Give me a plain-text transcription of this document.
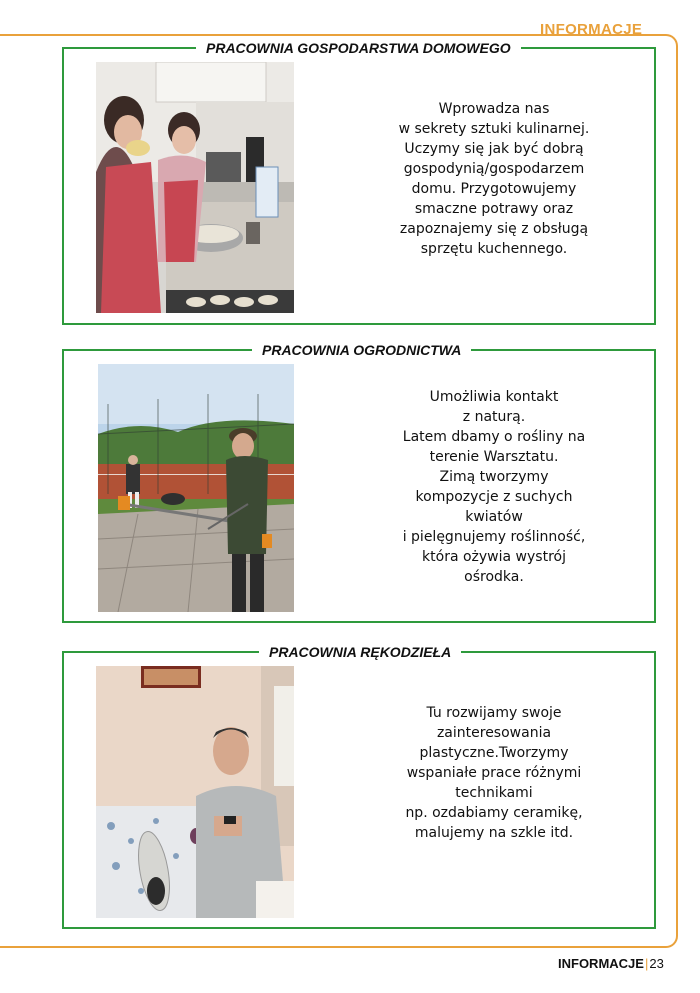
INFORMACJE
PRACOWNIA GOSPODARSTWA DOMOWEGO
Wprowadza nas
w sekrety sztuki kulinarnej.
Uczymy się jak być dobrą
gospodynią/gospodarzem
domu. Przygotowujemy
smaczne potrawy oraz
zapoznajemy się z obsługą
sprzętu kuchennego.
PRACOWNIA OGRODNICTWA
Umożliwia kontakt
z naturą.
Latem dbamy o rośliny na
terenie Warsztatu.
Zimą tworzymy
kompozycje z suchych
kwiatów
i pielęgnujemy roślinność,
która ożywia wystrój
ośrodka.
PRACOWNIA RĘKODZIEŁA
Tu rozwijamy swoje
zainteresowania
plastyczne.Tworzymy
wspaniałe prace różnymi
technikami
np. ozdabiamy ceramikę,
malujemy na szkle itd.
INFORMACJE|23
